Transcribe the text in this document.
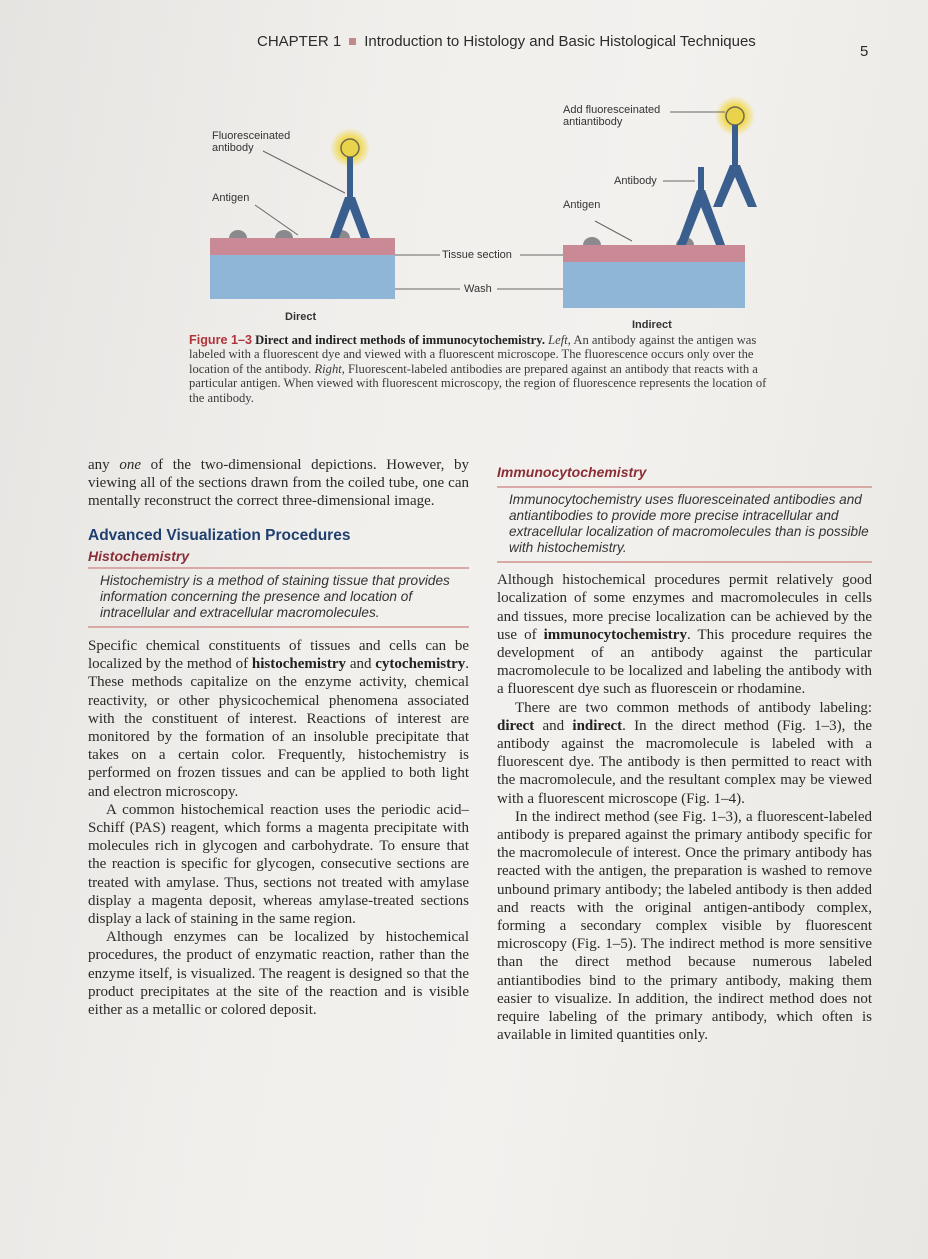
CHAPTER 1 Introduction to Histology and Basic Histological Techniques
5
Fluoresceinated antibody
Antigen
Tissue section
Wash
Direct
Add fluoresceinated antiantibody
Antibody
Antigen
Indirect
Figure 1–3 Direct and indirect methods of immunocytochemistry. Left, An antibody against the antigen was labeled with a fluorescent dye and viewed with a fluorescent microscope. The fluorescence occurs only over the location of the antibody. Right, Fluorescent-labeled antibodies are prepared against an antibody that reacts with a particular antigen. When viewed with fluorescent microscopy, the region of fluorescence represents the location of the antibody.

any one of the two-dimensional depictions. However, by viewing all of the sections drawn from the coiled tube, one can mentally reconstruct the correct three-dimensional image.

Advanced Visualization Procedures
Histochemistry
Histochemistry is a method of staining tissue that provides information concerning the presence and location of intracellular and extracellular macromolecules.

Specific chemical constituents of tissues and cells can be localized by the method of histochemistry and cytochemistry. These methods capitalize on the enzyme activity, chemical reactivity, or other physicochemical phenomena associated with the constituent of interest. Reactions of interest are monitored by the formation of an insoluble precipitate that takes on a certain color. Frequently, histochemistry is performed on frozen tissues and can be applied to both light and electron microscopy.

A common histochemical reaction uses the periodic acid–Schiff (PAS) reagent, which forms a magenta precipitate with molecules rich in glycogen and carbohydrate. To ensure that the reaction is specific for glycogen, consecutive sections are treated with amylase. Thus, sections not treated with amylase display a magenta deposit, whereas amylase-treated sections display a lack of staining in the same region.

Although enzymes can be localized by histochemical procedures, the product of enzymatic reaction, rather than the enzyme itself, is visualized. The reagent is designed so that the product precipitates at the site of the reaction and is visible either as a metallic or colored deposit.

Immunocytochemistry
Immunocytochemistry uses fluoresceinated antibodies and antiantibodies to provide more precise intracellular and extracellular localization of macromolecules than is possible with histochemistry.

Although histochemical procedures permit relatively good localization of some enzymes and macromolecules in cells and tissues, more precise localization can be achieved by the use of immunocytochemistry. This procedure requires the development of an antibody against the particular macromolecule to be localized and labeling the antibody with a fluorescent dye such as fluorescein or rhodamine.

There are two common methods of antibody labeling: direct and indirect. In the direct method (Fig. 1–3), the antibody against the macromolecule is labeled with a fluorescent dye. The antibody is then permitted to react with the macromolecule, and the resultant complex may be viewed with a fluorescent microscope (Fig. 1–4).

In the indirect method (see Fig. 1–3), a fluorescent-labeled antibody is prepared against the primary antibody specific for the macromolecule of interest. Once the primary antibody has reacted with the antigen, the preparation is washed to remove unbound primary antibody; the labeled antibody is then added and reacts with the original antigen-antibody complex, forming a secondary complex visible by fluorescent microscopy (Fig. 1–5). The indirect method is more sensitive than the direct method because numerous labeled antiantibodies bind to the primary antibody, making them easier to visualize. In addition, the indirect method does not require labeling of the primary antibody, which often is available in limited quantities only.
